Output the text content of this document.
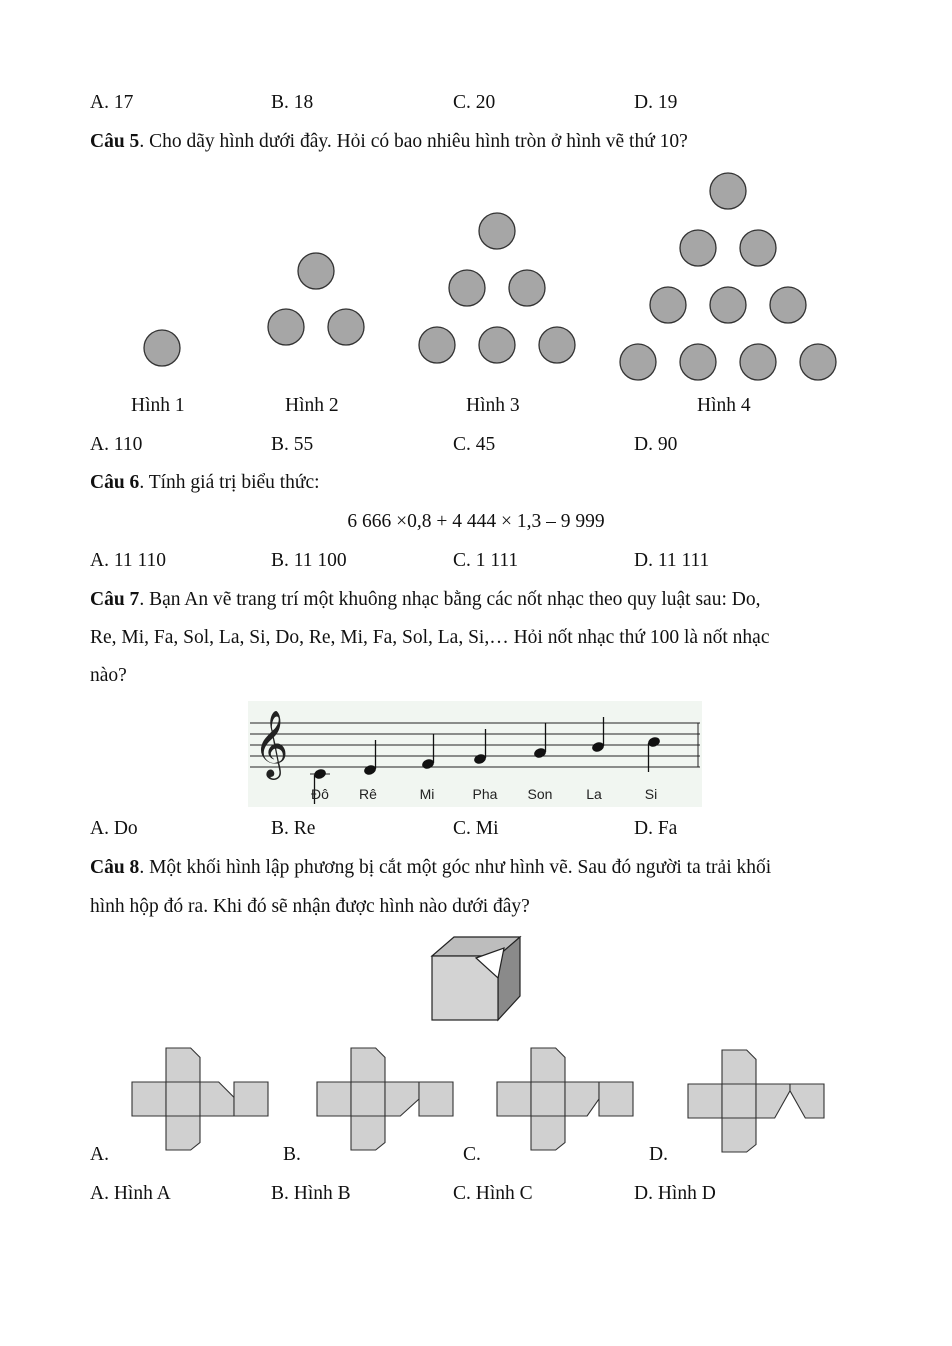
A. 17	B. 18	C. 20	D. 19
Câu 5. Cho dãy hình dưới đây. Hỏi có bao nhiêu hình tròn ở hình vẽ thứ 10?
Hình 1	Hình 2	Hình 3	Hình 4
A. 110	B. 55	C. 45	D. 90
Câu 6. Tính giá trị biểu thức:
6 666 ×0,8 + 4 444 × 1,3 – 9 999
A. 11 110	B. 11 100	C. 1 111	D. 11 111
Câu 7. Bạn An vẽ trang trí một khuông nhạc bằng các nốt nhạc theo quy luật sau: Do,
Re, Mi, Fa, Sol, La, Si, Do, Re, Mi, Fa, Sol, La, Si,… Hỏi nốt nhạc thứ 100 là nốt nhạc
nào?
𝄞
Đô Rê	Mi	Pha Son La	Si
A. Do	B. Re	C. Mi	D. Fa
Câu 8. Một khối hình lập phương bị cắt một góc như hình vẽ. Sau đó người ta trải khối
hình hộp đó ra. Khi đó sẽ nhận được hình nào dưới đây?
A.	B.	C.	D.
A. Hình A	B. Hình B	C. Hình C	D. Hình D
